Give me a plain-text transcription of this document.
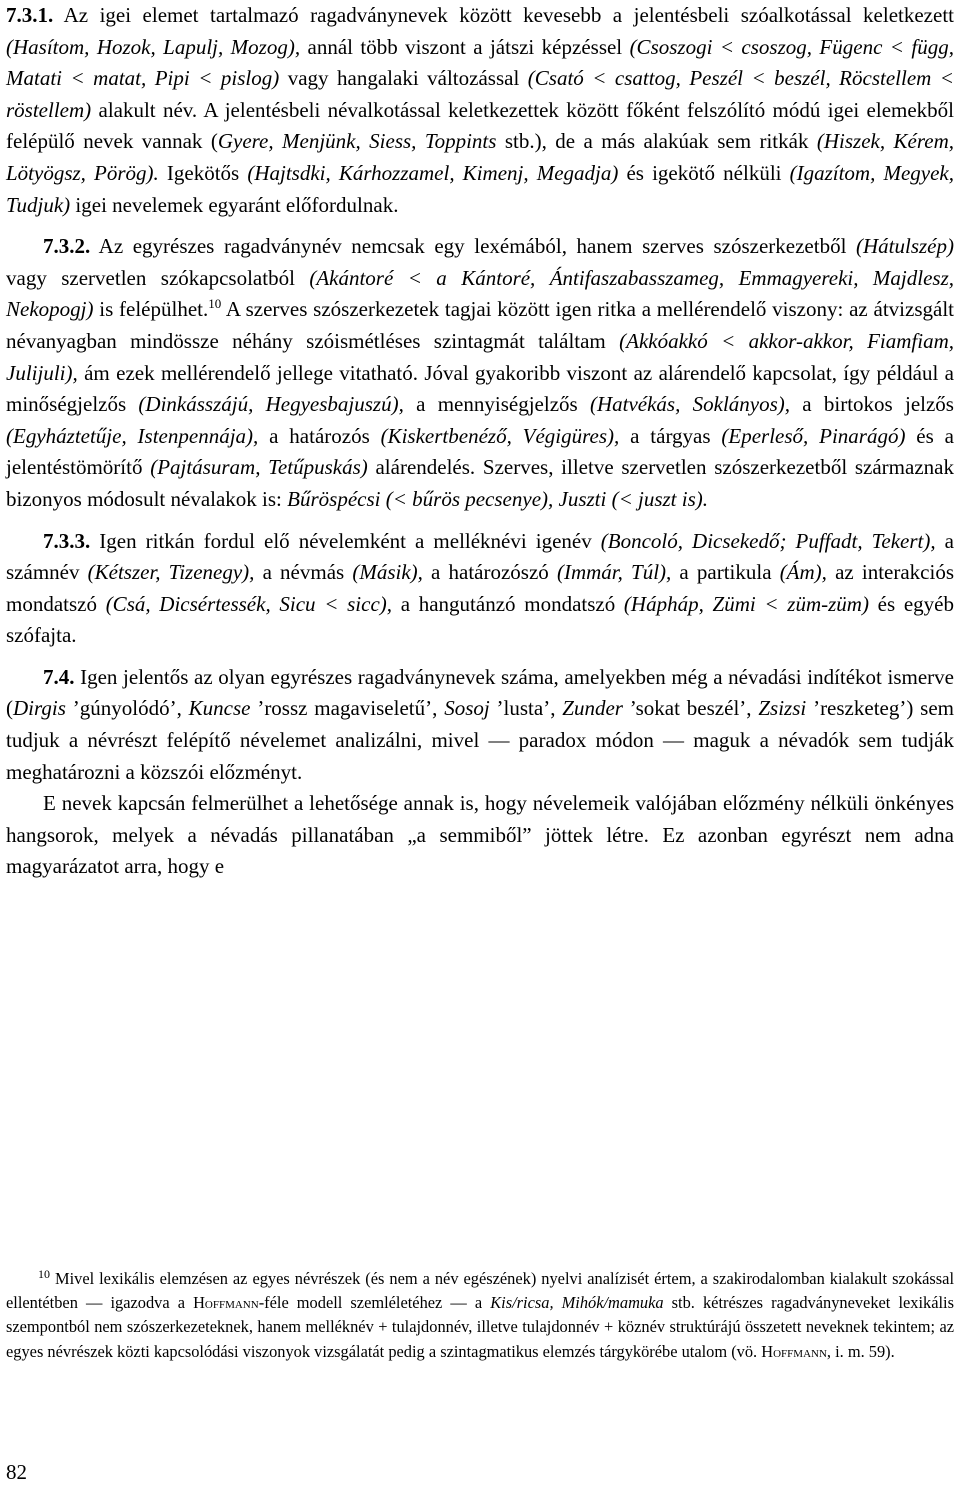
7.3.1. Az igei elemet tartalmazó ragadványnevek között kevesebb a jelentésbeli szóalkotással keletkezett (Hasítom, Hozok, Lapulj, Mozog), annál több viszont a játszi képzéssel (Csoszogi < csoszog, Fügenc < függ, Matati < matat, Pipi < pislog) vagy hangalaki változással (Csató < csattog, Peszél < beszél, Röcstellem < röstellem) alakult név. A jelentésbeli névalkotással keletkezettek között főként felszólító módú igei elemekből felépülő nevek vannak (Gyere, Menjünk, Siess, Toppints stb.), de a más alakúak sem ritkák (Hiszek, Kérem, Lötyögsz, Pörög). Igekötős (Hajtsdki, Kárhozzamel, Kimenj, Megadja) és igekötő nélküli (Igazítom, Megyek, Tudjuk) igei nevelemek egyaránt előfordulnak.

7.3.2. Az egyrészes ragadványnév nemcsak egy lexémából, hanem szerves szószerkezetből (Hátulszép) vagy szervetlen szókapcsolatból (Akántoré < a Kántoré, Ántifaszabasszameg, Emmagyereki, Majdlesz, Nekopogj) is felépülhet.$^{10}$ A szerves szószerkezetek tagjai között igen ritka a mellérendelő viszony: az átvizsgált névanyagban mindössze néhány szóismétléses szintagmát találtam (Akkóakkó < akkor-akkor, Fiamfiam, Julijuli), ám ezek mellérendelő jellege vitatható. Jóval gyakoribb viszont az alárendelő kapcsolat, így például a minőségjelzős (Dinkásszájú, Hegyesbajuszú), a mennyiségjelzős (Hatvékás, Soklányos), a birtokos jelzős (Egyháztetűje, Istenpennája), a határozós (Kiskertbenéző, Végigüres), a tárgyas (Eperleső, Pinarágó) és a jelentéstömörítő (Pajtásuram, Tetűpuskás) alárendelés. Szerves, illetve szervetlen szószerkezetből származnak bizonyos módosult névalakok is: Bűröspécsi (< bűrös pecsenye), Juszti (< juszt is).

7.3.3. Igen ritkán fordul elő névelemként a melléknévi igenév (Boncoló, Dicsekedő; Puffadt, Tekert), a számnév (Kétszer, Tizenegy), a névmás (Másik), a határozószó (Immár, Túl), a partikula (Ám), az interakciós mondatszó (Csá, Dicsértessék, Sicu < sicc), a hangutánzó mondatszó (Hápháp, Zümi < züm-züm) és egyéb szófajta.

7.4. Igen jelentős az olyan egyrészes ragadványnevek száma, amelyekben még a névadási indítékot ismerve (Dirgis ’gúnyolódó’, Kuncse ’rossz magaviseletű’, Sosoj ’lusta’, Zunder ’sokat beszél’, Zsizsi ’reszketeg’) sem tudjuk a névrészt felépítő névelemet analizálni, mivel — paradox módon — maguk a névadók sem tudják meghatározni a közszói előzményt.

E nevek kapcsán felmerülhet a lehetősége annak is, hogy névelemeik valójában előzmény nélküli önkényes hangsorok, melyek a névadás pillanatában „a semmiből” jöttek létre. Ez azonban egyrészt nem adna magyarázatot arra, hogy e

$^{10}$ Mivel lexikális elemzésen az egyes névrészek (és nem a név egészének) nyelvi analízisét értem, a szakirodalomban kialakult szokással ellentétben — igazodva a Hoffmann-féle modell szemléletéhez — a Kis/ricsa, Mihók/mamuka stb. kétrészes ragadványneveket lexikális szempontból nem szószerkezeteknek, hanem melléknév + tulajdonnév, illetve tulajdonnév + köznév struktúrájú összetett neveknek tekintem; az egyes névrészek közti kapcsolódási viszonyok vizsgálatát pedig a szintagmatikus elemzés tárgykörébe utalom (vö. Hoffmann, i. m. 59).
82
